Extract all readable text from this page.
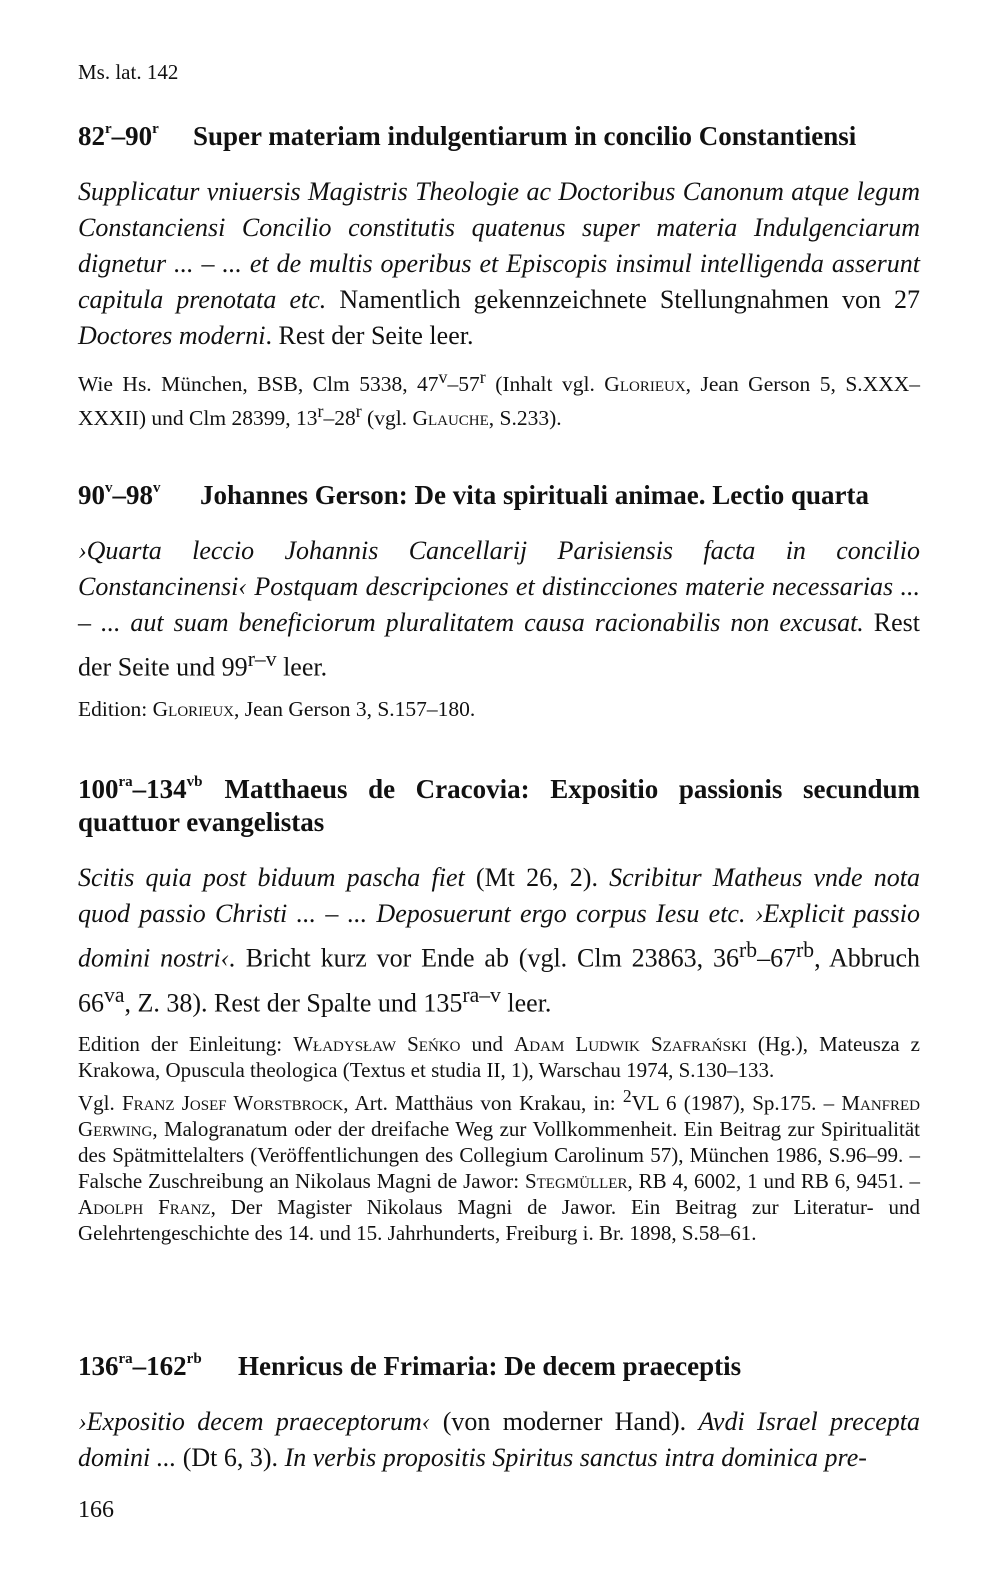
Ms. lat. 142
82$^r$–90$^r$	Super materiam indulgentiarum in concilio Constantiensi
Supplicatur vniuersis Magistris Theologie ac Doctoribus Canonum atque legum Constanciensi Concilio constitutis quatenus super materia Indulgenciarum dignetur ... – ... et de multis operibus et Episcopis insimul intelligenda asserunt capitula prenotata etc. Namentlich gekennzeichnete Stellungnahmen von 27 Doctores moderni. Rest der Seite leer.
Wie Hs. München, BSB, Clm 5338, 47$^v$–57$^r$ (Inhalt vgl. Glorieux, Jean Gerson 5, S.XXX–XXXII) und Clm 28399, 13$^r$–28$^r$ (vgl. Glauche, S.233).
90$^v$–98$^v$	Johannes Gerson: De vita spirituali animae. Lectio quarta
›Quarta leccio Johannis Cancellarij Parisiensis facta in concilio Constancinensi‹ Postquam descripciones et distincciones materie necessarias ... – ... aut suam beneficiorum pluralitatem causa racionabilis non excusat. Rest der Seite und 99$^{r-v}$ leer.
Edition: Glorieux, Jean Gerson 3, S.157–180.
$100^{ra}-134^{vb}$ Matthaeus de Cracovia: Expositio passionis secundum quattuor evangelistas
Scitis quia post biduum pascha fiet (Mt 26, 2). Scribitur Matheus vnde nota quod passio Christi ... – ... Deposuerunt ergo corpus Iesu etc. ›Explicit passio domini nostri‹. Bricht kurz vor Ende ab (vgl. Clm 23863, $36^{rb}-67^{rb}$, Abbruch $66^{va}$, Z. 38). Rest der Spalte und $135^{ra-v}$ leer.
Edition der Einleitung: Władysław Seńko und Adam Ludwik Szafrański (Hg.), Mateusza z Krakowa, Opuscula theologica (Textus et studia II, 1), Warschau 1974, S.130–133.
Vgl. Franz Josef Worstbrock, Art. Matthäus von Krakau, in: $^2$VL 6 (1987), Sp.175. – Manfred Gerwing, Malogranatum oder der dreifache Weg zur Vollkommenheit. Ein Beitrag zur Spiritualität des Spätmittelalters (Veröffentlichungen des Collegium Carolinum 57), München 1986, S.96–99. – Falsche Zuschreibung an Nikolaus Magni de Jawor: Stegmüller, RB 4, 6002, 1 und RB 6, 9451. – Adolph Franz, Der Magister Nikolaus Magni de Jawor. Ein Beitrag zur Literatur- und Gelehrtengeschichte des 14. und 15. Jahrhunderts, Freiburg i. Br. 1898, S.58–61.
$136^{ra}-162^{rb}$	Henricus de Frimaria: De decem praeceptis
›Expositio decem praeceptorum‹ (von moderner Hand). Avdi Israel precepta domini ... (Dt 6, 3). In verbis propositis Spiritus sanctus intra dominica pre-
166
